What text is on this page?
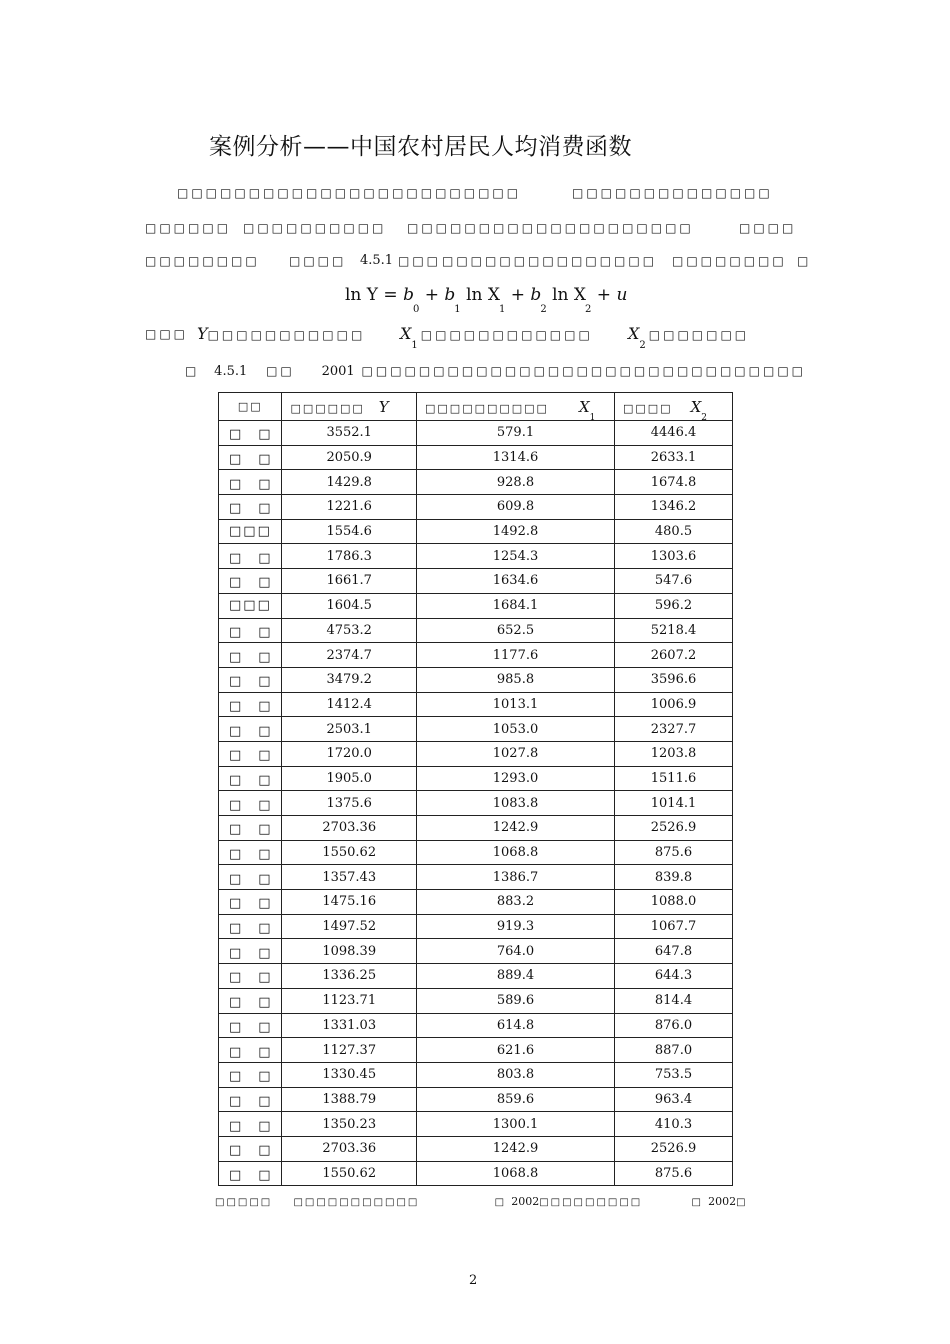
案例分析——中国农村居民人均消费函数
□□□□□□□□□□□□□□□□□□□□□□□□	□□□□□□□□□□□□□□
□□□□□□ □□□□□□□□□□ □□□□□□□□□□□□□□□□□□□□	□□□□
□□□□□□□□ □□□□ 4.5.1 □□□ □□□□□□□□□□□□□□□ □□□□□□□□ □
$\ln Y = b_0 + b_1$ $\ln X_1 + b_2$ $\ln X_2 + u$
□□□ Y□□□□□□□□□□□ $X_1□□□□□□□□□□□□$ $X_2□□□□□□□$
□ 4.5.1 □□ 2001 □□□□□□□□□□□□□□□□□□□□□□□□□□□□□□□
□□	□□□□□□ Y	□□□□□□□□□□ $X_1$	□□□□ $X_2$
□　□	3552.1	579.1	4446.4
□　□	2050.9	1314.6	2633.1
□　□	1429.8	928.8	1674.8
□　□	1221.6	609.8	1346.2
□□□	1554.6	1492.8	480.5
□　□	1786.3	1254.3	1303.6
□　□	1661.7	1634.6	547.6
□□□	1604.5	1684.1	596.2
□　□	4753.2	652.5	5218.4
□　□	2374.7	1177.6	2607.2
□　□	3479.2	985.8	3596.6
□　□	1412.4	1013.1	1006.9
□　□	2503.1	1053.0	2327.7
□　□	1720.0	1027.8	1203.8
□　□	1905.0	1293.0	1511.6
□　□	1375.6	1083.8	1014.1
□　□	2703.36	1242.9	2526.9
□　□	1550.62	1068.8	875.6
□　□	1357.43	1386.7	839.8
□　□	1475.16	883.2	1088.0
□　□	1497.52	919.3	1067.7
□　□	1098.39	764.0	647.8
□　□	1336.25	889.4	644.3
□　□	1123.71	589.6	814.4
□　□	1331.03	614.8	876.0
□　□	1127.37	621.6	887.0
□　□	1330.45	803.8	753.5
□　□	1388.79	859.6	963.4
□　□	1350.23	1300.1	410.3
□　□	2703.36	1242.9	2526.9
□　□	1550.62	1068.8	875.6
□□□□□ □□□□□□□□□□□	□ 2002□□□□□□□□□	□ 2002□
2
